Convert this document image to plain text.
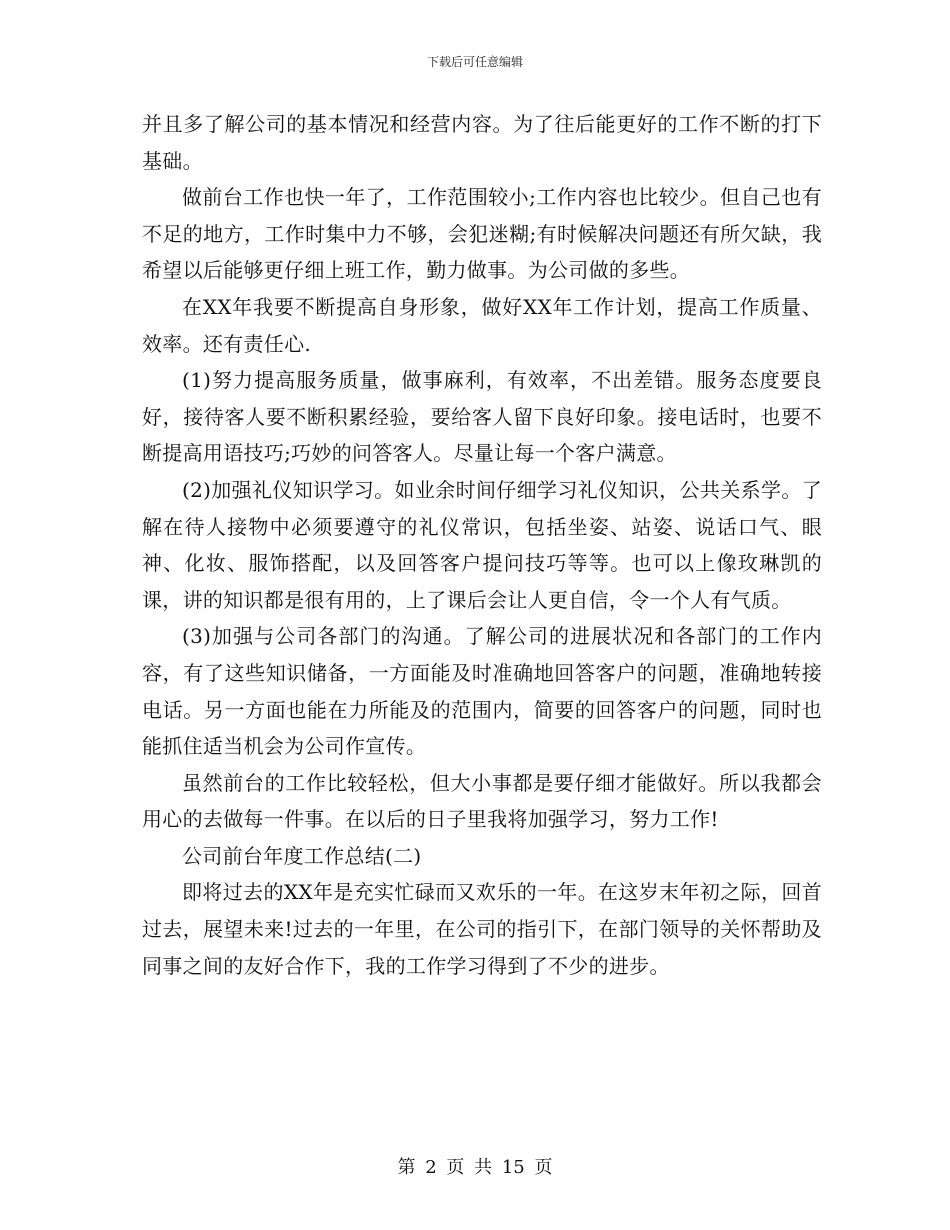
下载后可任意编辑

并且多了解公司的基本情况和经营内容。为了往后能更好的工作不断的打下基础。

做前台工作也快一年了，工作范围较小;工作内容也比较少。但自己也有不足的地方，工作时集中力不够，会犯迷糊;有时候解决问题还有所欠缺，我希望以后能够更仔细上班工作，勤力做事。为公司做的多些。

在XX年我要不断提高自身形象，做好XX年工作计划，提高工作质量、效率。还有责任心.

(1)努力提高服务质量，做事麻利，有效率，不出差错。服务态度要良好，接待客人要不断积累经验，要给客人留下良好印象。接电话时，也要不断提高用语技巧;巧妙的问答客人。尽量让每一个客户满意。

(2)加强礼仪知识学习。如业余时间仔细学习礼仪知识，公共关系学。了解在待人接物中必须要遵守的礼仪常识，包括坐姿、站姿、说话口气、眼神、化妆、服饰搭配，以及回答客户提问技巧等等。也可以上像玫琳凯的课，讲的知识都是很有用的，上了课后会让人更自信，令一个人有气质。

(3)加强与公司各部门的沟通。了解公司的进展状况和各部门的工作内容，有了这些知识储备，一方面能及时准确地回答客户的问题，准确地转接电话。另一方面也能在力所能及的范围内，简要的回答客户的问题，同时也能抓住适当机会为公司作宣传。

虽然前台的工作比较轻松，但大小事都是要仔细才能做好。所以我都会用心的去做每一件事。在以后的日子里我将加强学习，努力工作!

公司前台年度工作总结(二)

即将过去的XX年是充实忙碌而又欢乐的一年。在这岁末年初之际，回首过去，展望未来!过去的一年里，在公司的指引下，在部门领导的关怀帮助及同事之间的友好合作下，我的工作学习得到了不少的进步。

第 2 页 共 15 页
